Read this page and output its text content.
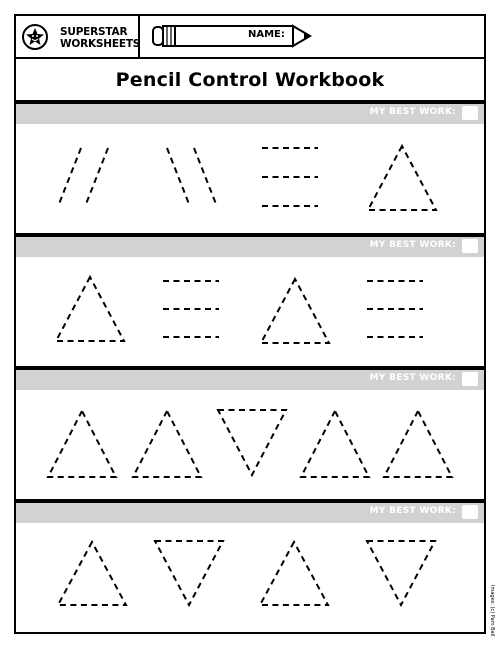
SUPERSTAR
WORKSHEETS
NAME:
Pencil Control Workbook
MY BEST WORK:
MY BEST WORK:
MY BEST WORK:
MY BEST WORK:
Images: (c) Pam Ball
